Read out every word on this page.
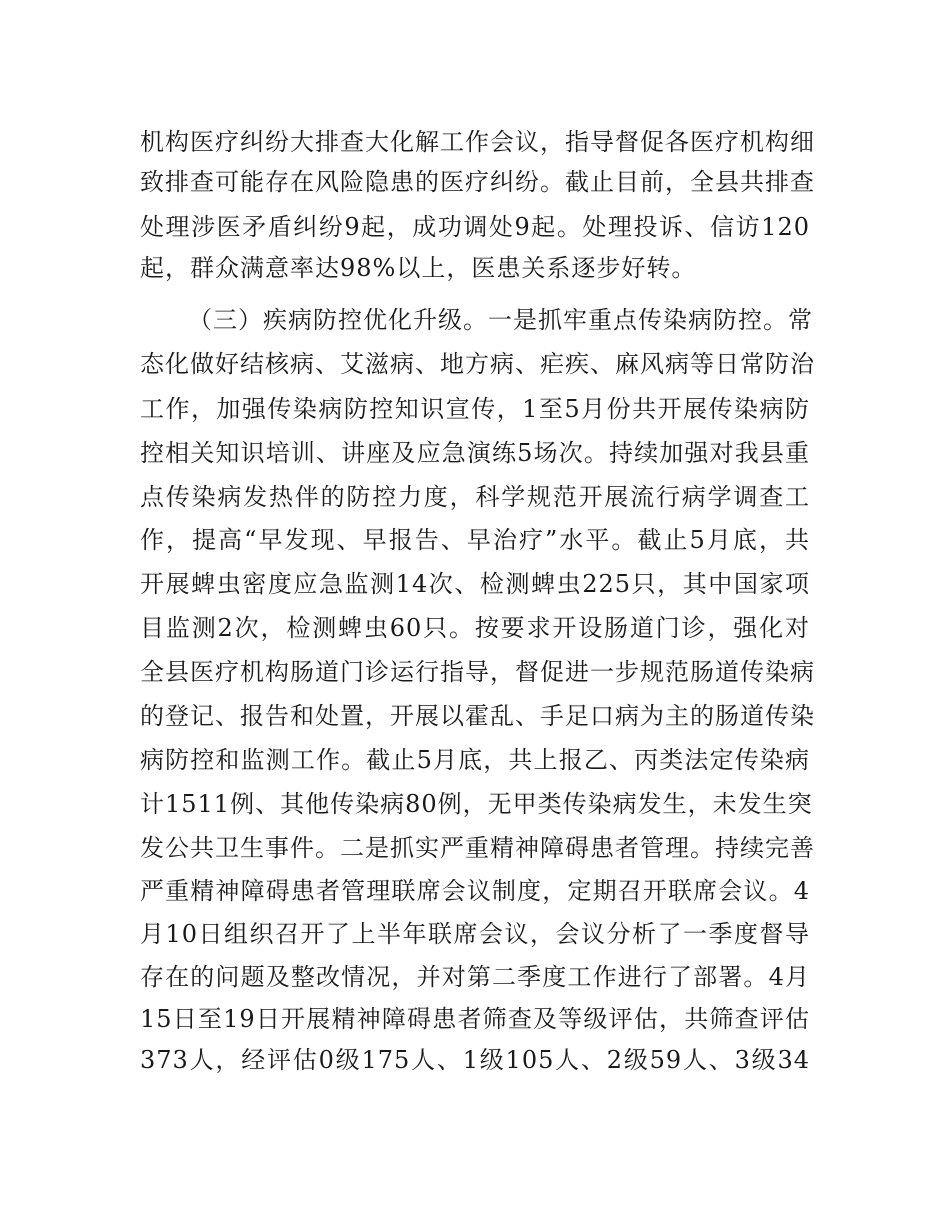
机构医疗纠纷大排查大化解工作会议，指导督促各医疗机构细
致排查可能存在风险隐患的医疗纠纷。截止目前，全县共排查
处理涉医矛盾纠纷9起，成功调处9起。处理投诉、信访120
起，群众满意率达98%以上，医患关系逐步好转。
（三）疾病防控优化升级。一是抓牢重点传染病防控。常
态化做好结核病、艾滋病、地方病、疟疾、麻风病等日常防治
工作，加强传染病防控知识宣传，1至5月份共开展传染病防
控相关知识培训、讲座及应急演练5场次。持续加强对我县重
点传染病发热伴的防控力度，科学规范开展流行病学调查工
作，提高“早发现、早报告、早治疗”水平。截止5月底，共
开展蜱虫密度应急监测14次、检测蜱虫225只，其中国家项
目监测2次，检测蜱虫60只。按要求开设肠道门诊，强化对
全县医疗机构肠道门诊运行指导，督促进一步规范肠道传染病
的登记、报告和处置，开展以霍乱、手足口病为主的肠道传染
病防控和监测工作。截止5月底，共上报乙、丙类法定传染病
计1511例、其他传染病80例，无甲类传染病发生，未发生突
发公共卫生事件。二是抓实严重精神障碍患者管理。持续完善
严重精神障碍患者管理联席会议制度，定期召开联席会议。4
月10日组织召开了上半年联席会议，会议分析了一季度督导
存在的问题及整改情况，并对第二季度工作进行了部署。4月
15日至19日开展精神障碍患者筛查及等级评估，共筛查评估
373人，经评估0级175人、1级105人、2级59人、3级34
